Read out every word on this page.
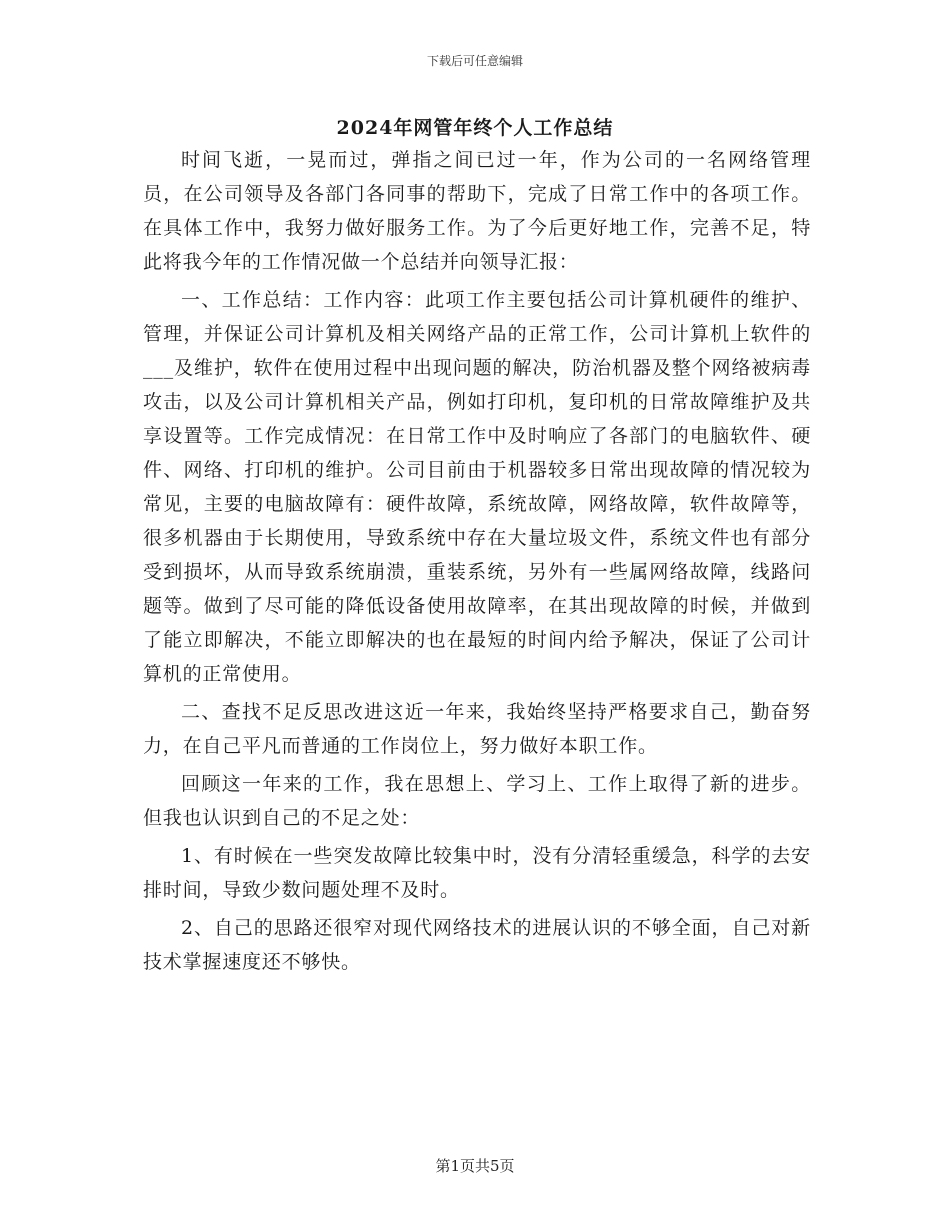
下载后可任意编辑
2024年网管年终个人工作总结

时间飞逝，一晃而过，弹指之间已过一年，作为公司的一名网络管理员，在公司领导及各部门各同事的帮助下，完成了日常工作中的各项工作。在具体工作中，我努力做好服务工作。为了今后更好地工作，完善不足，特此将我今年的工作情况做一个总结并向领导汇报：

一、工作总结：工作内容：此项工作主要包括公司计算机硬件的维护、管理，并保证公司计算机及相关网络产品的正常工作，公司计算机上软件的___及维护，软件在使用过程中出现问题的解决，防治机器及整个网络被病毒攻击，以及公司计算机相关产品，例如打印机，复印机的日常故障维护及共享设置等。工作完成情况：在日常工作中及时响应了各部门的电脑软件、硬件、网络、打印机的维护。公司目前由于机器较多日常出现故障的情况较为常见，主要的电脑故障有：硬件故障，系统故障，网络故障，软件故障等，很多机器由于长期使用，导致系统中存在大量垃圾文件，系统文件也有部分受到损坏，从而导致系统崩溃，重装系统，另外有一些属网络故障，线路问题等。做到了尽可能的降低设备使用故障率，在其出现故障的时候，并做到了能立即解决，不能立即解决的也在最短的时间内给予解决，保证了公司计算机的正常使用。

二、查找不足反思改进这近一年来，我始终坚持严格要求自己，勤奋努力，在自己平凡而普通的工作岗位上，努力做好本职工作。

回顾这一年来的工作，我在思想上、学习上、工作上取得了新的进步。但我也认识到自己的不足之处：

1、有时候在一些突发故障比较集中时，没有分清轻重缓急，科学的去安排时间，导致少数问题处理不及时。

2、自己的思路还很窄对现代网络技术的进展认识的不够全面，自己对新技术掌握速度还不够快。

第1页共5页
